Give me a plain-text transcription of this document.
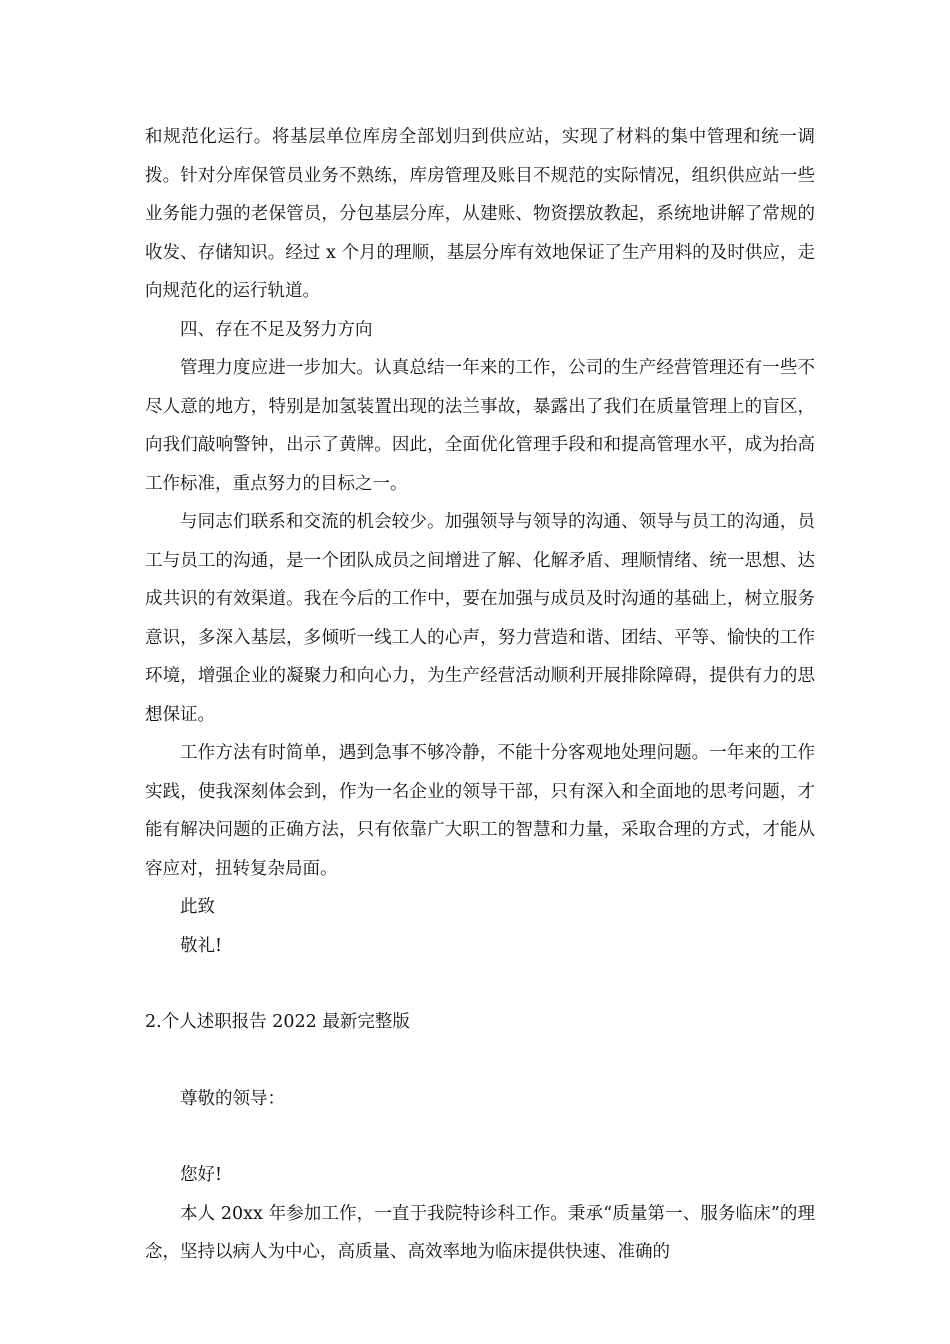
和规范化运行。将基层单位库房全部划归到供应站，实现了材料的集中管理和统一调拨。针对分库保管员业务不熟练，库房管理及账目不规范的实际情况，组织供应站一些业务能力强的老保管员，分包基层分库，从建账、物资摆放教起，系统地讲解了常规的收发、存储知识。经过 x 个月的理顺，基层分库有效地保证了生产用料的及时供应，走向规范化的运行轨道。

四、存在不足及努力方向

管理力度应进一步加大。认真总结一年来的工作，公司的生产经营管理还有一些不尽人意的地方，特别是加氢装置出现的法兰事故，暴露出了我们在质量管理上的盲区，向我们敲响警钟，出示了黄牌。因此，全面优化管理手段和和提高管理水平，成为抬高工作标准，重点努力的目标之一。

与同志们联系和交流的机会较少。加强领导与领导的沟通、领导与员工的沟通，员工与员工的沟通，是一个团队成员之间增进了解、化解矛盾、理顺情绪、统一思想、达成共识的有效渠道。我在今后的工作中，要在加强与成员及时沟通的基础上，树立服务意识，多深入基层，多倾听一线工人的心声，努力营造和谐、团结、平等、愉快的工作环境，增强企业的凝聚力和向心力，为生产经营活动顺利开展排除障碍，提供有力的思想保证。

工作方法有时简单，遇到急事不够冷静，不能十分客观地处理问题。一年来的工作实践，使我深刻体会到，作为一名企业的领导干部，只有深入和全面地的思考问题，才能有解决问题的正确方法，只有依靠广大职工的智慧和力量，采取合理的方式，才能从容应对，扭转复杂局面。

此致

敬礼!

2.个人述职报告 2022 最新完整版

尊敬的领导：

您好!

本人 20xx 年参加工作，一直于我院特诊科工作。秉承“质量第一、服务临床”的理念，坚持以病人为中心，高质量、高效率地为临床提供快速、准确的
